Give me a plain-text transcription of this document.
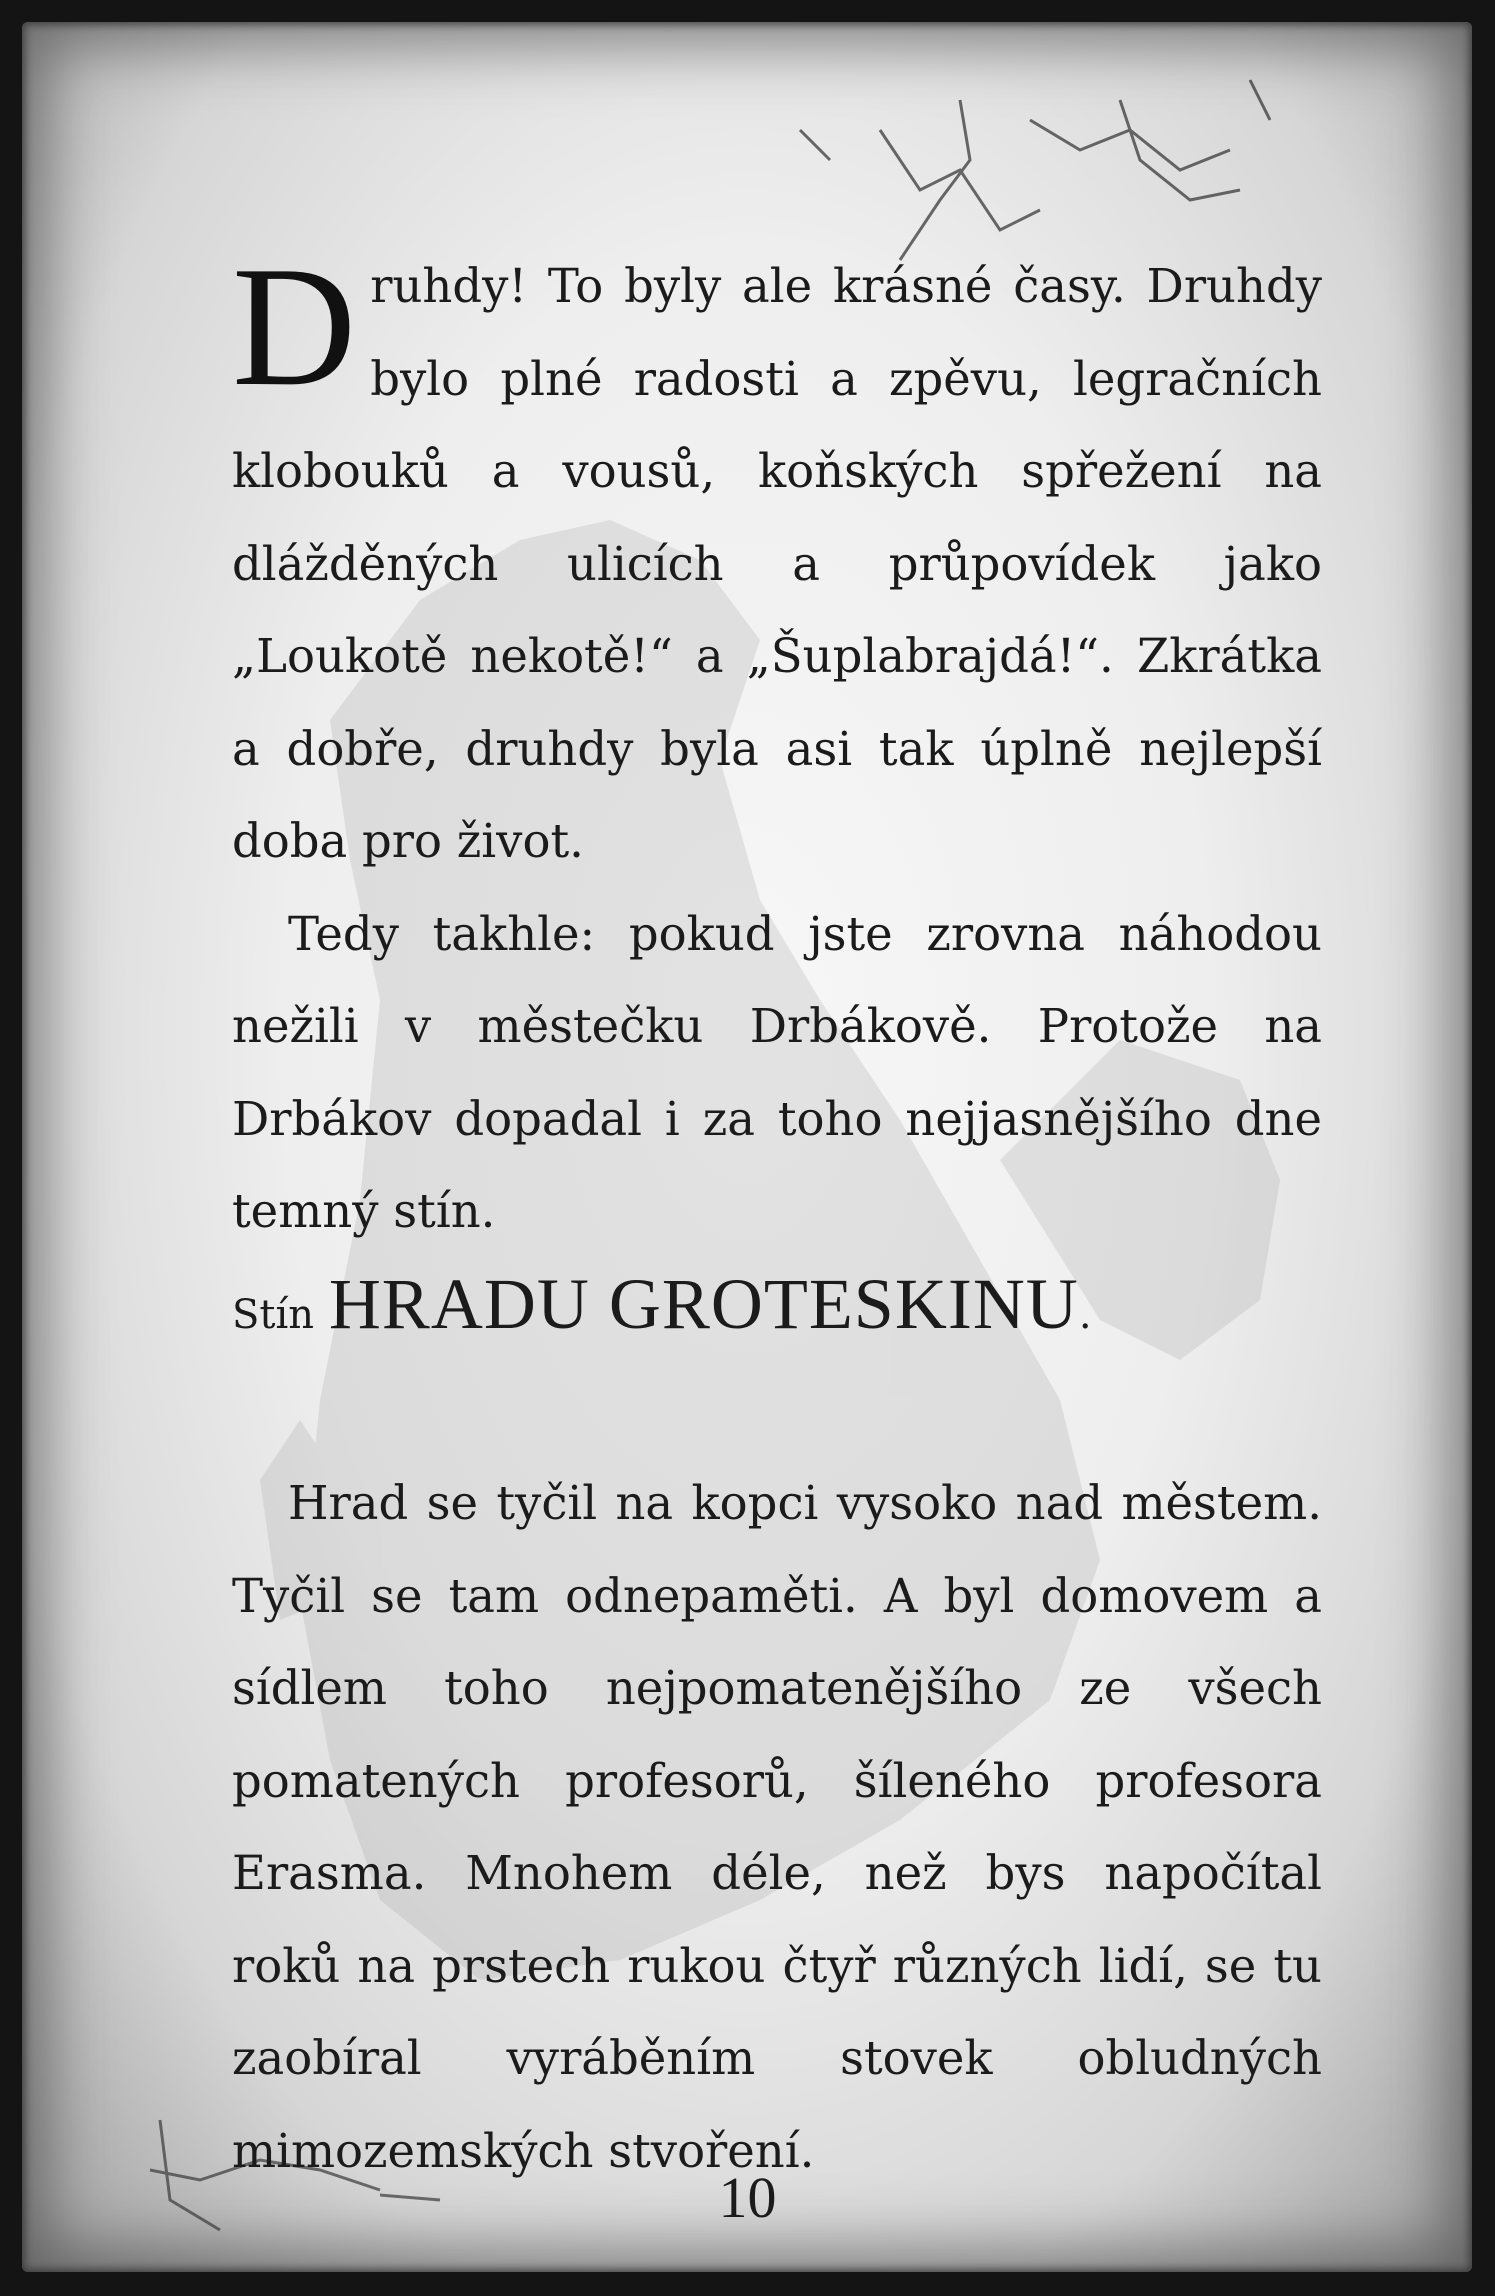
Druhdy! To byly ale krásné časy. Druhdy bylo plné radosti a zpěvu, legračních klobouků a vousů, koňských spřežení na dlážděných ulicích a průpovídek jako „Loukotě nekotě!“ a „Šuplabrajdá!“. Zkrátka a dobře, druhdy byla asi tak úplně nejlepší doba pro život.

Tedy takhle: pokud jste zrovna náhodou nežili v městečku Drbákově. Protože na Drbákov dopadal i za toho nejjasnějšího dne temný stín.

Stín HRADU GROTESKINU.

Hrad se tyčil na kopci vysoko nad městem. Tyčil se tam odnepaměti. A byl domovem a sídlem toho nejpomatenějšího ze všech pomatených profesorů, šíleného profesora Erasma. Mnohem déle, než bys napočítal roků na prstech rukou čtyř různých lidí, se tu zaobíral vyráběním stovek obludných mimozemských stvoření.

10
